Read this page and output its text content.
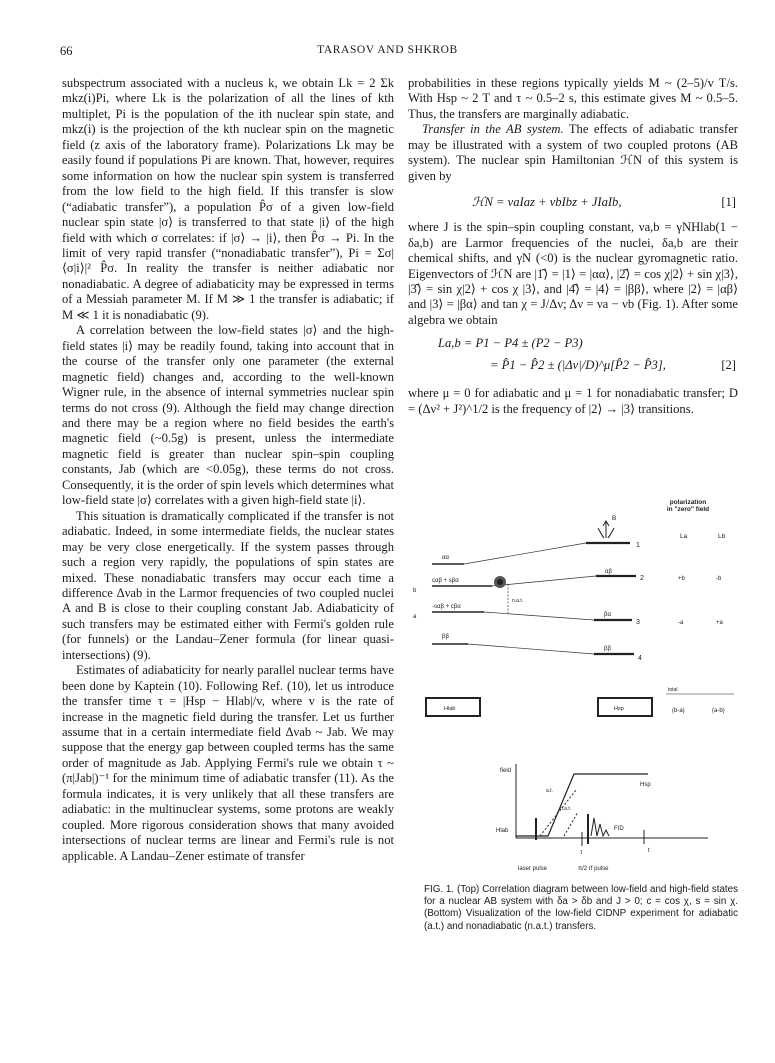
66	TARASOV AND SHKROB

subspectrum associated with a nucleus k, we obtain Lk = 2 Σk mkz(i)Pi, where Lk is the polarization of all the lines of kth multiplet, Pi is the population of the ith nuclear spin state, and mkz(i) is the projection of the kth nuclear spin on the magnetic field (z axis of the laboratory frame). Polarizations Lk may be easily found if populations Pi are known. That, however, requires some information on how the nuclear spin system is transferred from the low field to the high field. If this transfer is slow (“adiabatic transfer”), a population P̂σ of a given low-field nuclear spin state |σ⟩ is transferred to that state |i⟩ of the high field with which σ correlates: if |σ⟩ → |i⟩, then P̂σ → Pi. In the limit of very rapid transfer (“nonadiabatic transfer”), Pi = Σσ|⟨σ|i⟩|² P̂σ. In reality the transfer is neither adiabatic nor nonadiabatic. A degree of adiabaticity may be expressed in terms of a Messiah parameter M. If M ≫ 1 the transfer is adiabatic; if M ≪ 1 it is nonadiabatic (9).

A correlation between the low-field states |σ⟩ and the high-field states |i⟩ may be readily found, taking into account that in the course of the transfer only one parameter (the external magnetic field) changes and, according to the well-known Wigner rule, in the absence of internal symmetries nuclear spin terms do not cross (9). Although the field may change direction and there may be a region where no field besides the earth's magnetic field (~0.5g) is present, unless the intermediate magnetic field is greater than nuclear spin–spin coupling constants, Jab (which are <0.05g), these terms do not cross. Consequently, it is the order of spin levels which determines what low-field state |σ⟩ correlates with a given high-field state |i⟩.

This situation is dramatically complicated if the transfer is not adiabatic. Indeed, in some intermediate fields, the nuclear states may be very close energetically. If the system passes through such a region very rapidly, the populations of spin states are mixed. These nonadiabatic transfers may occur each time a difference Δνab in the Larmor frequencies of two coupled nuclei A and B is close to their coupling constant Jab. Adiabaticity of such transfers may be estimated either with Fermi's golden rule (for funnels) or the Landau–Zener formula (for linear quasi-intersections) (9).

Estimates of adiabaticity for nearly parallel nuclear terms have been done by Kaptein (10). Following Ref. (10), let us introduce the transfer time τ = |Hsp − Hlab|/v, where v is the rate of increase in the magnetic field during the transfer. Let us further assume that in a certain intermediate field Δνab ~ Jab. We may suppose that the energy gap between coupled terms has the same order of magnitude as Jab. Applying Fermi's rule we obtain τ ~ (π|Jab|)⁻¹ for the minimum time of adiabatic transfer (11). As the formula indicates, it is very unlikely that all these transfers are adiabatic: in the multinuclear systems, some protons are weakly coupled. More rigorous consideration shows that many avoided intersections of nuclear terms are linear and Fermi's rule is not applicable. A Landau–Zener estimate of transfer

probabilities in these regions typically yields M ~ (2–5)/v T/s. With Hsp ~ 2 T and τ ~ 0.5–2 s, this estimate gives M ~ 0.5–5. Thus, the transfers are marginally adiabatic.

Transfer in the AB system. The effects of adiabatic transfer may be illustrated with a system of two coupled protons (AB system). The nuclear spin Hamiltonian ℋN of this system is given by

ℋN = νaIaz + νbIbz + JIaIb,	[1]

where J is the spin–spin coupling constant, νa,b = γNHlab(1 − δa,b) are Larmor frequencies of the nuclei, δa,b are their chemical shifts, and γN (<0) is the nuclear gyromagnetic ratio. Eigenvectors of ℋN are |1̂⟩ = |1⟩ = |αα⟩, |2̂⟩ = cos χ|2⟩ + sin χ|3⟩, |3̂⟩ = sin χ|2⟩ + cos χ |3⟩, and |4̂⟩ = |4⟩ = |ββ⟩, where |2⟩ = |αβ⟩ and |3⟩ = |βα⟩ and tan χ = J/Δν; Δν = νa − νb (Fig. 1). After some algebra we obtain

La,b = P1 − P4 ± (P2 − P3)
= P̂1 − P̂2 ± (|Δν|/D)^μ[P̂2 − P̂3],	[2]

where μ = 0 for adiabatic and μ = 1 for nonadiabatic transfer; D = (Δν² + J²)^1/2 is the frequency of |2⟩ → |3⟩ transitions.

polarization
in "zero" field
La	Lb
B
1
2
3
4
αα
cαβ + sβα
-sαβ + cβα
ββ
αβ
βα
ββ
b
a
n.a.t.
+b
-a
(b-a)
-b
+a
(a-b)
total
Hlab	Hsp
field
Hsp
Hlab
a.t.
n.a.t.
FID
τ	t
laser pulse	π/2 rf pulse
FIG. 1. (Top) Correlation diagram between low-field and high-field states for a nuclear AB system with δa > δb and J > 0; c = cos χ, s = sin χ. (Bottom) Visualization of the low-field CIDNP experiment for adiabatic (a.t.) and nonadiabatic (n.a.t.) transfers.
